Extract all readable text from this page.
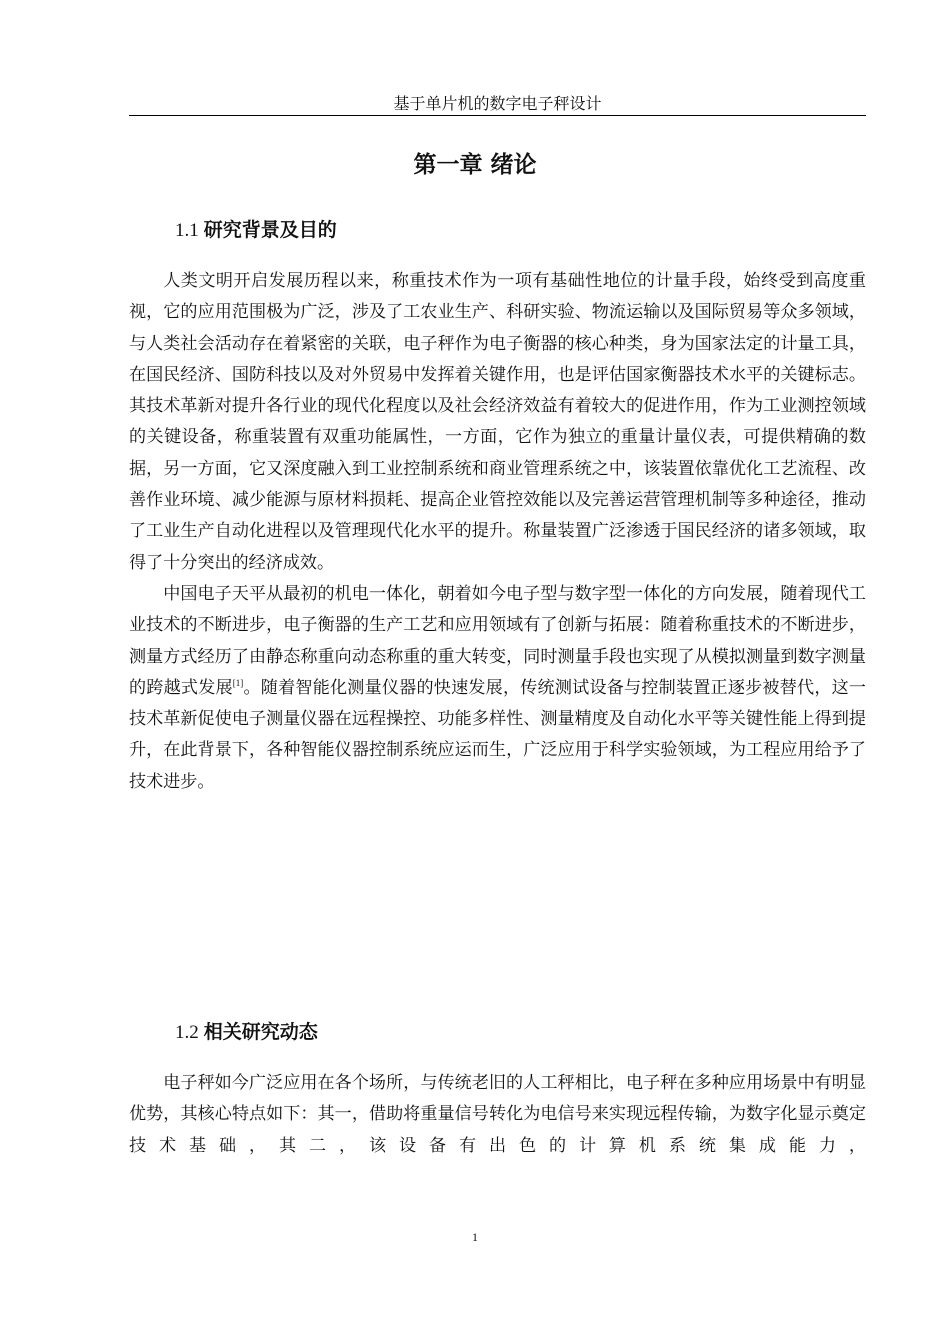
基于单片机的数字电子秤设计
第一章 绪论
1.1 研究背景及目的

人类文明开启发展历程以来，称重技术作为一项有基础性地位的计量手段，始终受到高度重视，它的应用范围极为广泛，涉及了工农业生产、科研实验、物流运输以及国际贸易等众多领域，与人类社会活动存在着紧密的关联，电子秤作为电子衡器的核心种类，身为国家法定的计量工具，在国民经济、国防科技以及对外贸易中发挥着关键作用，也是评估国家衡器技术水平的关键标志。其技术革新对提升各行业的现代化程度以及社会经济效益有着较大的促进作用，作为工业测控领域的关键设备，称重装置有双重功能属性，一方面，它作为独立的重量计量仪表，可提供精确的数据，另一方面，它又深度融入到工业控制系统和商业管理系统之中，该装置依靠优化工艺流程、改善作业环境、减少能源与原材料损耗、提高企业管控效能以及完善运营管理机制等多种途径，推动了工业生产自动化进程以及管理现代化水平的提升。称量装置广泛渗透于国民经济的诸多领域，取得了十分突出的经济成效。

中国电子天平从最初的机电一体化，朝着如今电子型与数字型一体化的方向发展，随着现代工业技术的不断进步，电子衡器的生产工艺和应用领域有了创新与拓展：随着称重技术的不断进步，测量方式经历了由静态称重向动态称重的重大转变，同时测量手段也实现了从模拟测量到数字测量的跨越式发展[1]。随着智能化测量仪器的快速发展，传统测试设备与控制装置正逐步被替代，这一技术革新促使电子测量仪器在远程操控、功能多样性、测量精度及自动化水平等关键性能上得到提升，在此背景下，各种智能仪器控制系统应运而生，广泛应用于科学实验领域，为工程应用给予了技术进步。

1.2 相关研究动态

电子秤如今广泛应用在各个场所，与传统老旧的人工秤相比，电子秤在多种应用场景中有明显优势，其核心特点如下：其一，借助将重量信号转化为电信号来实现远程传输，为数字化显示奠定技术基础，其二，该设备有出色的计算机系统集成能力，

1
